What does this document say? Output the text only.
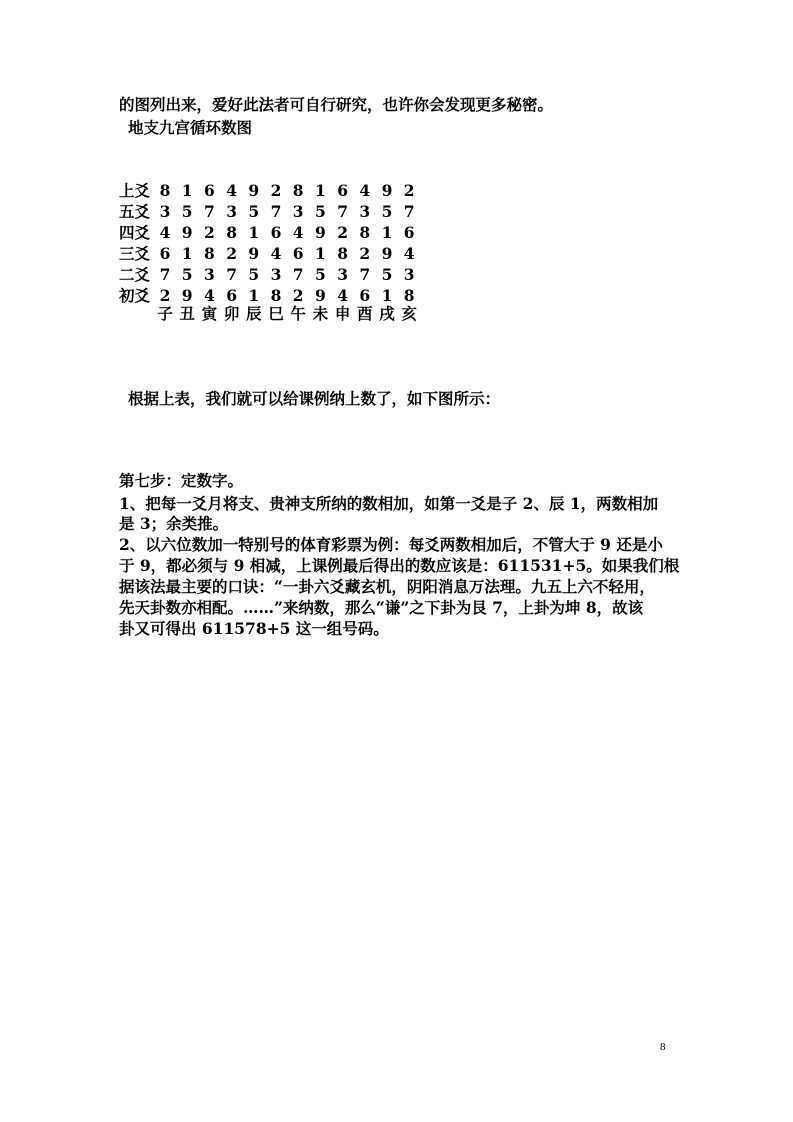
的图列出来，爱好此法者可自行研究，也许你会发现更多秘密。
地支九宫循环数图
上爻 8 1 6 4 9 2 8 1 6 4 9 2
五爻 3 5 7 3 5 7 3 5 7 3 5 7
四爻 4 9 2 8 1 6 4 9 2 8 1 6
三爻 6 1 8 2 9 4 6 1 8 2 9 4
二爻 7 5 3 7 5 3 7 5 3 7 5 3
初爻 2 9 4 6 1 8 2 9 4 6 1 8
子 丑 寅 卯 辰 巳 午 未 申 酉 戌 亥
根据上表，我们就可以给课例纳上数了，如下图所示：
第七步：定数字。
1、把每一爻月将支、贵神支所纳的数相加，如第一爻是子 2、辰 1，两数相加
是 3；余类推。
2、以六位数加一特别号的体育彩票为例：每爻两数相加后，不管大于 9 还是小
于 9，都必须与 9 相减，上课例最后得出的数应该是：611531+5。如果我们根
据该法最主要的口诀：“一卦六爻藏玄机，阴阳消息万法理。九五上六不轻用，
先天卦数亦相配。……”来纳数，那么“谦”之下卦为艮 7，上卦为坤 8，故该
卦又可得出 611578+5 这一组号码。
8
